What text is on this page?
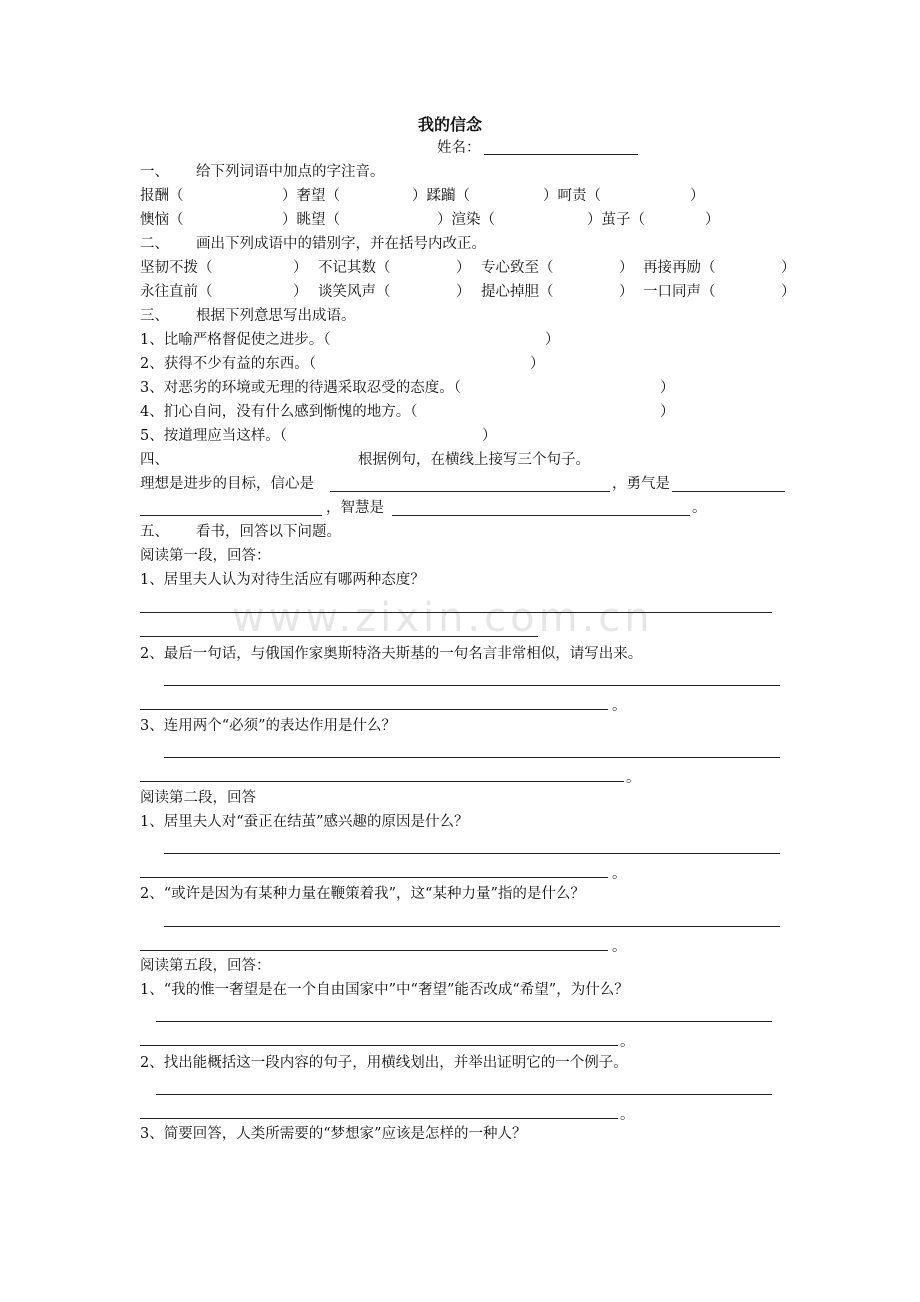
www.zixin.com.cn
我的信念
姓名：
一、 给下列词语中加点的字注音。
报酬（	）奢望（	）蹂躏（	）呵责（	）
懊恼（	）眺望（	）渲染（	）茧子（	）
二、 画出下列成语中的错别字，并在括号内改正。
坚韧不拨（	） 不记其数（	） 专心致至（	） 再接再励（	）
永往直前（	） 谈笑风声（	） 提心掉胆（	） 一口同声（	）
三、 根据下列意思写出成语。
1、比喻严格督促使之进步。（	）
2、获得不少有益的东西。（	）
3、对恶劣的环境或无理的待遇采取忍受的态度。（	）
4、扪心自问，没有什么感到惭愧的地方。（	）
5、按道理应当这样。（	）
四、	根据例句，在横线上接写三个句子。
理想是进步的目标，信心是	，勇气是
，智慧是	。
五、 看书，回答以下问题。
阅读第一段，回答：
1、居里夫人认为对待生活应有哪两种态度？
2、最后一句话，与俄国作家奥斯特洛夫斯基的一句名言非常相似，请写出来。
。
3、连用两个“必须”的表达作用是什么？
。
阅读第二段，回答
1、居里夫人对“蚕正在结茧”感兴趣的原因是什么？
。
2、“或许是因为有某种力量在鞭策着我”，这“某种力量”指的是什么？
。
阅读第五段，回答：
1、“我的惟一奢望是在一个自由国家中”中“奢望”能否改成“希望”，为什么？
。
2、找出能概括这一段内容的句子，用横线划出，并举出证明它的一个例子。
。
3、简要回答，人类所需要的“梦想家”应该是怎样的一种人？
